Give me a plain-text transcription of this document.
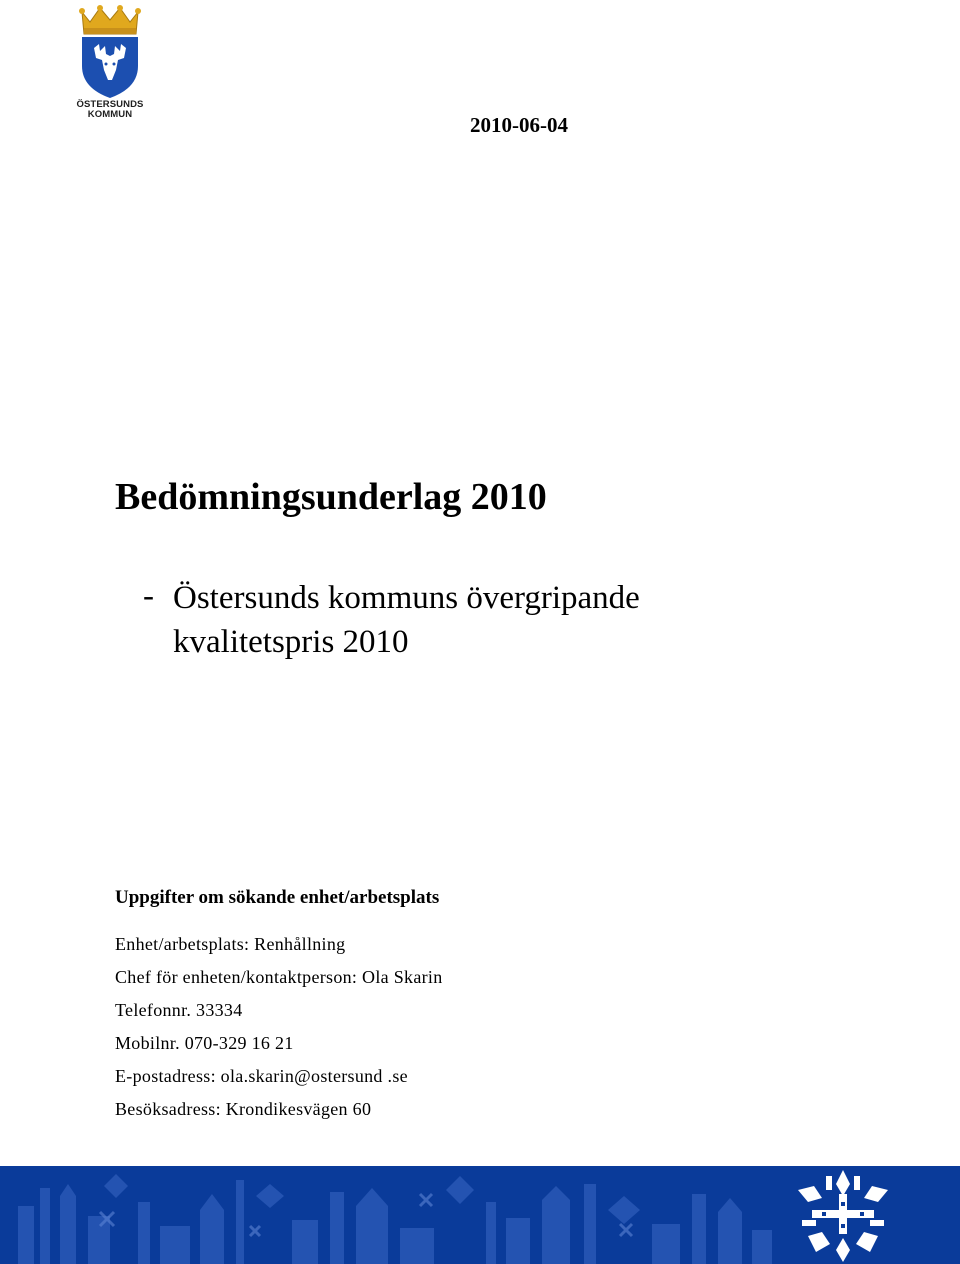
ÖSTERSUNDS
KOMMUN	2010-06-04
Bedömningsunderlag 2010
- Östersunds kommuns övergripande kvalitetspris 2010
Uppgifter om sökande enhet/arbetsplats
Enhet/arbetsplats: Renhållning
Chef för enheten/kontaktperson: Ola Skarin
Telefonnr. 33334
Mobilnr. 070-329 16 21
E-postadress: ola.skarin@ostersund .se
Besöksadress: Krondikesvägen 60
